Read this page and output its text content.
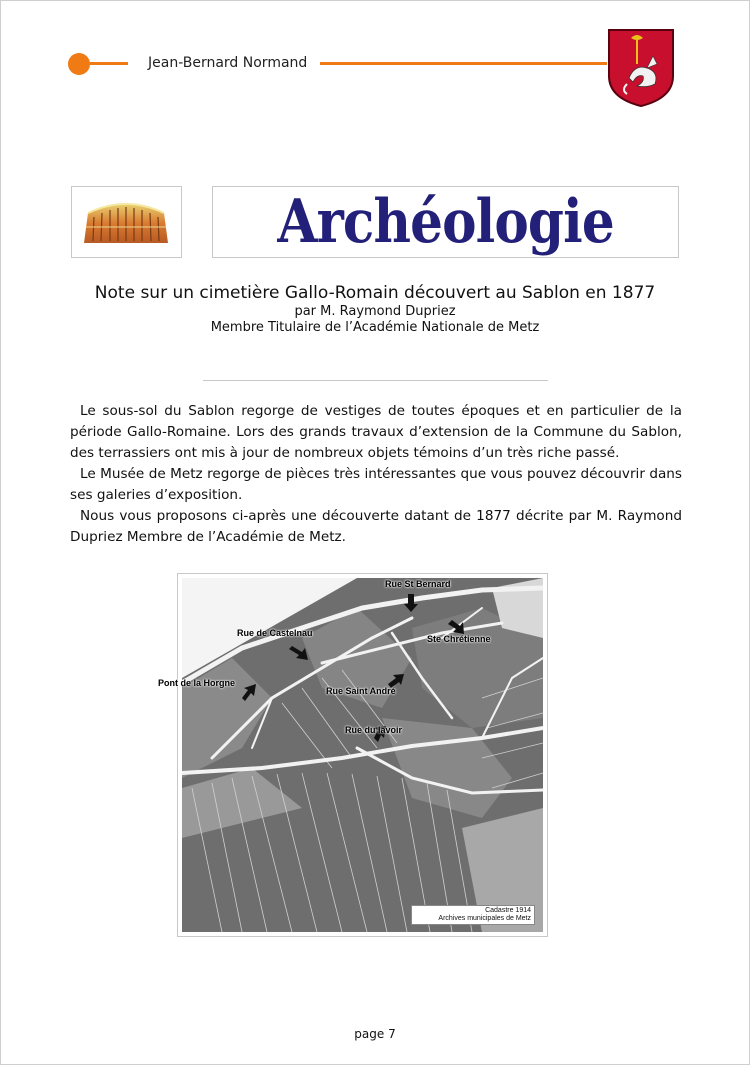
Jean-Bernard Normand
Archéologie
Note sur un cimetière Gallo-Romain découvert au Sablon en 1877
par M. Raymond Dupriez
Membre Titulaire de l’Académie Nationale de Metz

Le sous-sol du Sablon regorge de vestiges de toutes époques et en particulier de la période Gallo-Romaine. Lors des grands travaux d’extension de la Commune du Sablon, des terrassiers ont mis à jour de nombreux objets témoins d’un très riche passé.

Le Musée de Metz regorge de pièces très intéressantes que vous pouvez découvrir dans ses galeries d’exposition.

Nous vous proposons ci-après une découverte datant de 1877 décrite par M. Raymond Dupriez Membre de l’Académie de Metz.

Rue St Bernard
Rue de Castelnau
Ste Chrétienne
Rue Saint André
Rue du lavoir
Pont de la Horgne
Cadastre 1914
Archives municipales de Metz
page 7
